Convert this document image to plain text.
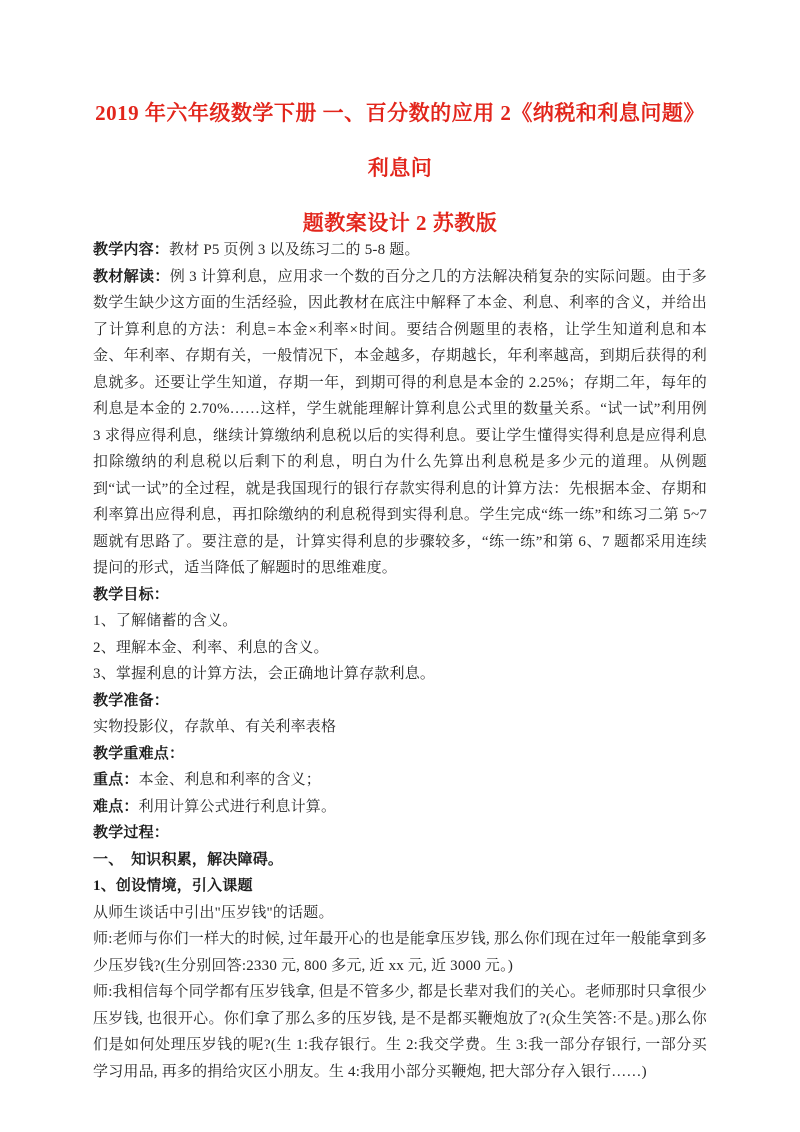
2019 年六年级数学下册 一、百分数的应用 2《纳税和利息问题》利息问
题教案设计 2 苏教版

教学内容：教材 P5 页例 3 以及练习二的 5-8 题。

教材解读：例 3 计算利息，应用求一个数的百分之几的方法解决稍复杂的实际问题。由于多数学生缺少这方面的生活经验，因此教材在底注中解释了本金、利息、利率的含义，并给出了计算利息的方法：利息=本金×利率×时间。要结合例题里的表格，让学生知道利息和本金、年利率、存期有关，一般情况下，本金越多，存期越长，年利率越高，到期后获得的利息就多。还要让学生知道，存期一年，到期可得的利息是本金的 2.25%；存期二年，每年的利息是本金的 2.70%……这样，学生就能理解计算利息公式里的数量关系。“试一试”利用例 3 求得应得利息，继续计算缴纳利息税以后的实得利息。要让学生懂得实得利息是应得利息扣除缴纳的利息税以后剩下的利息，明白为什么先算出利息税是多少元的道理。从例题到“试一试”的全过程，就是我国现行的银行存款实得利息的计算方法：先根据本金、存期和利率算出应得利息，再扣除缴纳的利息税得到实得利息。学生完成“练一练”和练习二第 5~7 题就有思路了。要注意的是，计算实得利息的步骤较多，“练一练”和第 6、7 题都采用连续提问的形式，适当降低了解题时的思维难度。

教学目标：

1、了解储蓄的含义。

2、理解本金、利率、利息的含义。

3、掌握利息的计算方法，会正确地计算存款利息。

教学准备：

实物投影仪，存款单、有关利率表格

教学重难点：

重点：本金、利息和利率的含义；

难点：利用计算公式进行利息计算。

教学过程：

一、　知识积累，解决障碍。

1、创设情境，引入课题

从师生谈话中引出"压岁钱"的话题。

师:老师与你们一样大的时候, 过年最开心的也是能拿压岁钱, 那么你们现在过年一般能拿到多少压岁钱?(生分别回答:2330 元, 800 多元, 近 xx 元, 近 3000 元。)

师:我相信每个同学都有压岁钱拿, 但是不管多少, 都是长辈对我们的关心。老师那时只拿很少压岁钱, 也很开心。你们拿了那么多的压岁钱, 是不是都买鞭炮放了?(众生笑答:不是。)那么你们是如何处理压岁钱的呢?(生 1:我存银行。生 2:我交学费。生 3:我一部分存银行, 一部分买学习用品, 再多的捐给灾区小朋友。生 4:我用小部分买鞭炮, 把大部分存入银行……)
